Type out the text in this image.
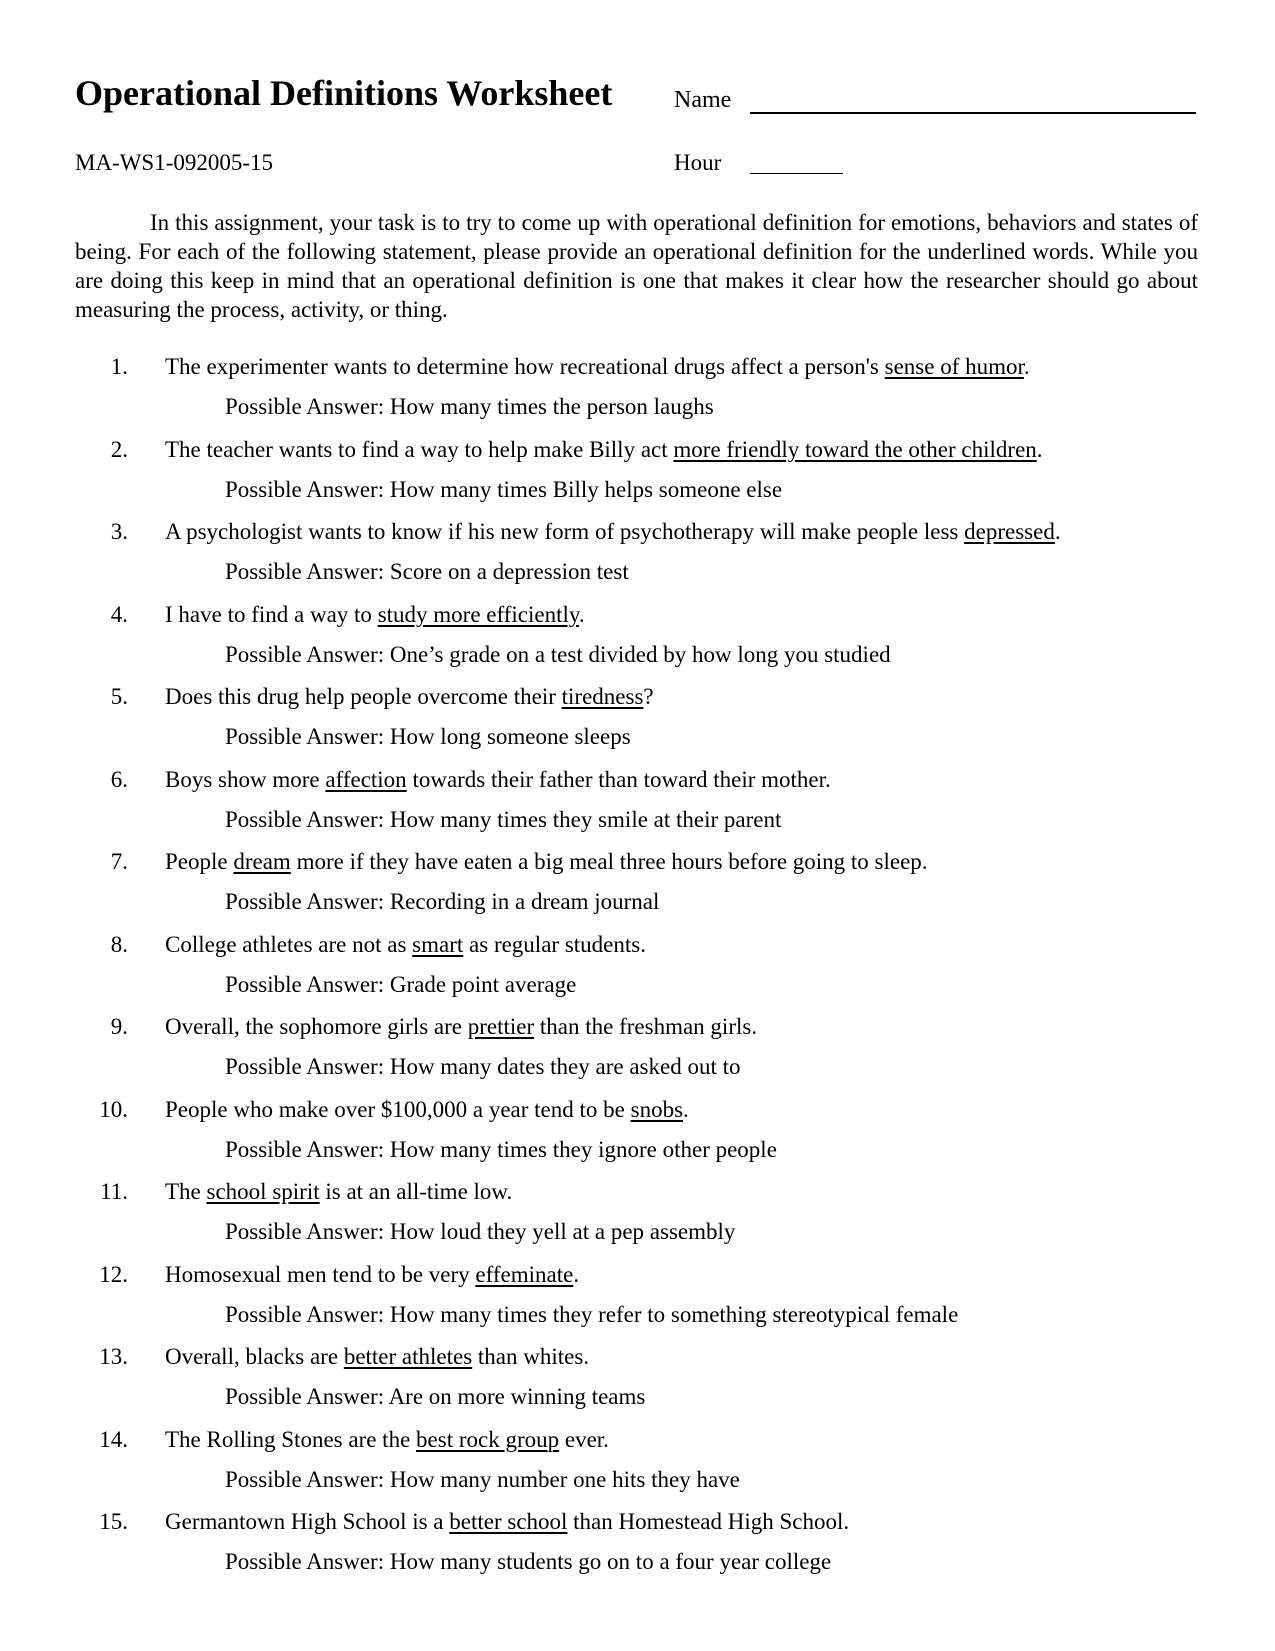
Operational Definitions Worksheet	Name
MA-WS1-092005-15	Hour

In this assignment, your task is to try to come up with operational definition for emotions, behaviors and states of being. For each of the following statement, please provide an operational definition for the underlined words. While you are doing this keep in mind that an operational definition is one that makes it clear how the researcher should go about measuring the process, activity, or thing.

1. The experimenter wants to determine how recreational drugs affect a person's sense of humor.
Possible Answer: How many times the person laughs
2. The teacher wants to find a way to help make Billy act more friendly toward the other children.
Possible Answer: How many times Billy helps someone else
3. A psychologist wants to know if his new form of psychotherapy will make people less depressed.
Possible Answer: Score on a depression test
4. I have to find a way to study more efficiently.
Possible Answer: One’s grade on a test divided by how long you studied
5. Does this drug help people overcome their tiredness?
Possible Answer: How long someone sleeps
6. Boys show more affection towards their father than toward their mother.
Possible Answer: How many times they smile at their parent
7. People dream more if they have eaten a big meal three hours before going to sleep.
Possible Answer: Recording in a dream journal
8. College athletes are not as smart as regular students.
Possible Answer: Grade point average
9. Overall, the sophomore girls are prettier than the freshman girls.
Possible Answer: How many dates they are asked out to
10. People who make over $100,000 a year tend to be snobs.
Possible Answer: How many times they ignore other people
11. The school spirit is at an all-time low.
Possible Answer: How loud they yell at a pep assembly
12. Homosexual men tend to be very effeminate.
Possible Answer: How many times they refer to something stereotypical female
13. Overall, blacks are better athletes than whites.
Possible Answer: Are on more winning teams
14. The Rolling Stones are the best rock group ever.
Possible Answer: How many number one hits they have
15. Germantown High School is a better school than Homestead High School.
Possible Answer: How many students go on to a four year college
